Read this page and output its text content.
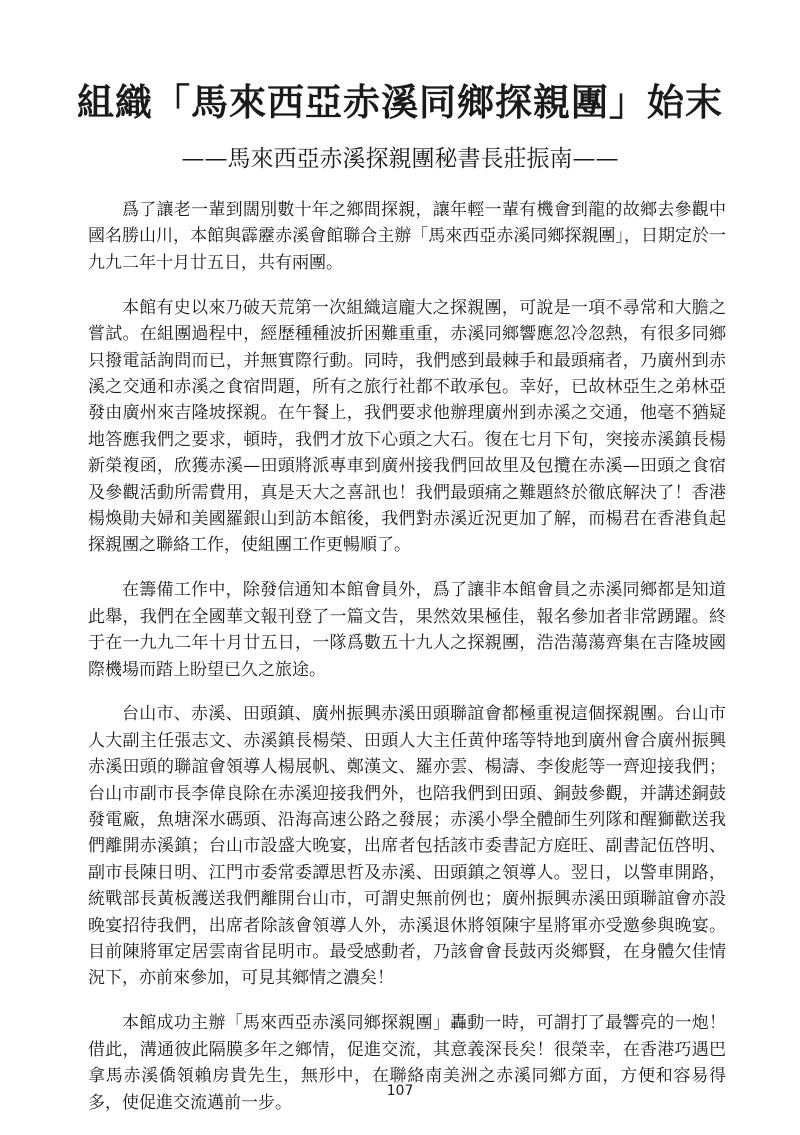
組織「馬來西亞赤溪同鄉探親團」始末
——馬來西亞赤溪探親團秘書長莊振南——

爲了讓老一輩到闊別數十年之鄉間探親，讓年輕一輩有機會到龍的故鄉去參觀中國名勝山川，本館與霹靂赤溪會館聯合主辦「馬來西亞赤溪同鄉探親團」，日期定於一九九二年十月廿五日，共有兩團。

本館有史以來乃破天荒第一次組織這龐大之探親團，可說是一項不尋常和大膽之嘗試。在組團過程中，經歷種種波折困難重重，赤溪同鄉響應忽冷忽熱，有很多同鄉只撥電話詢問而已，并無實際行動。同時，我們感到最棘手和最頭痛者，乃廣州到赤溪之交通和赤溪之食宿問題，所有之旅行社都不敢承包。幸好，已故林亞生之弟林亞發由廣州來吉隆坡探親。在午餐上，我們要求他辦理廣州到赤溪之交通，他毫不猶疑地答應我們之要求，頓時，我們才放下心頭之大石。復在七月下旬，突接赤溪鎮長楊新榮複函，欣獲赤溪—田頭將派專車到廣州接我們回故里及包攬在赤溪—田頭之食宿及參觀活動所需費用，真是天大之喜訊也！我們最頭痛之難題終於徹底解決了！香港楊煥勛夫婦和美國羅銀山到訪本館後，我們對赤溪近況更加了解，而楊君在香港負起探親團之聯絡工作，使組團工作更暢順了。

在籌備工作中，除發信通知本館會員外，爲了讓非本館會員之赤溪同鄉都是知道此舉，我們在全國華文報刊登了一篇文告，果然效果極佳，報名參加者非常踴躍。終于在一九九二年十月廿五日，一隊爲數五十九人之探親團，浩浩蕩蕩齊集在吉隆坡國際機場而踏上盼望已久之旅途。

台山市、赤溪、田頭鎮、廣州振興赤溪田頭聯誼會都極重視這個探親團。台山市人大副主任張志文、赤溪鎮長楊榮、田頭人大主任黄仲瑤等特地到廣州會合廣州振興赤溪田頭的聯誼會領導人楊展帆、鄭漢文、羅亦雲、楊濤、李俊彪等一齊迎接我們；台山市副市長李偉良除在赤溪迎接我們外，也陪我們到田頭、銅鼓參觀，并講述銅鼓發電廠，魚塘深水碼頭、沿海高速公路之發展；赤溪小學全體師生列隊和醒獅歡送我們離開赤溪鎮；台山市設盛大晚宴，出席者包括該市委書記方庭旺、副書記伍啓明、副市長陳日明、江門市委常委譚思哲及赤溪、田頭鎮之領導人。翌日，以警車開路，統戰部長黃板護送我們離開台山市，可謂史無前例也；廣州振興赤溪田頭聯誼會亦設晚宴招待我們，出席者除該會領導人外，赤溪退休將領陳宇星將軍亦受邀參與晚宴。目前陳將軍定居雲南省昆明市。最受感動者，乃該會會長鼓丙炎鄉賢，在身體欠佳情況下，亦前來參加，可見其鄉情之濃矣！

本館成功主辦「馬來西亞赤溪同鄉探親團」轟動一時，可謂打了最響亮的一炮！借此，溝通彼此隔膜多年之鄉情，促進交流，其意義深長矣！很榮幸，在香港巧遇巴拿馬赤溪僑領賴房貴先生，無形中，在聯絡南美洲之赤溪同鄉方面，方便和容易得多，使促進交流邁前一步。

107
